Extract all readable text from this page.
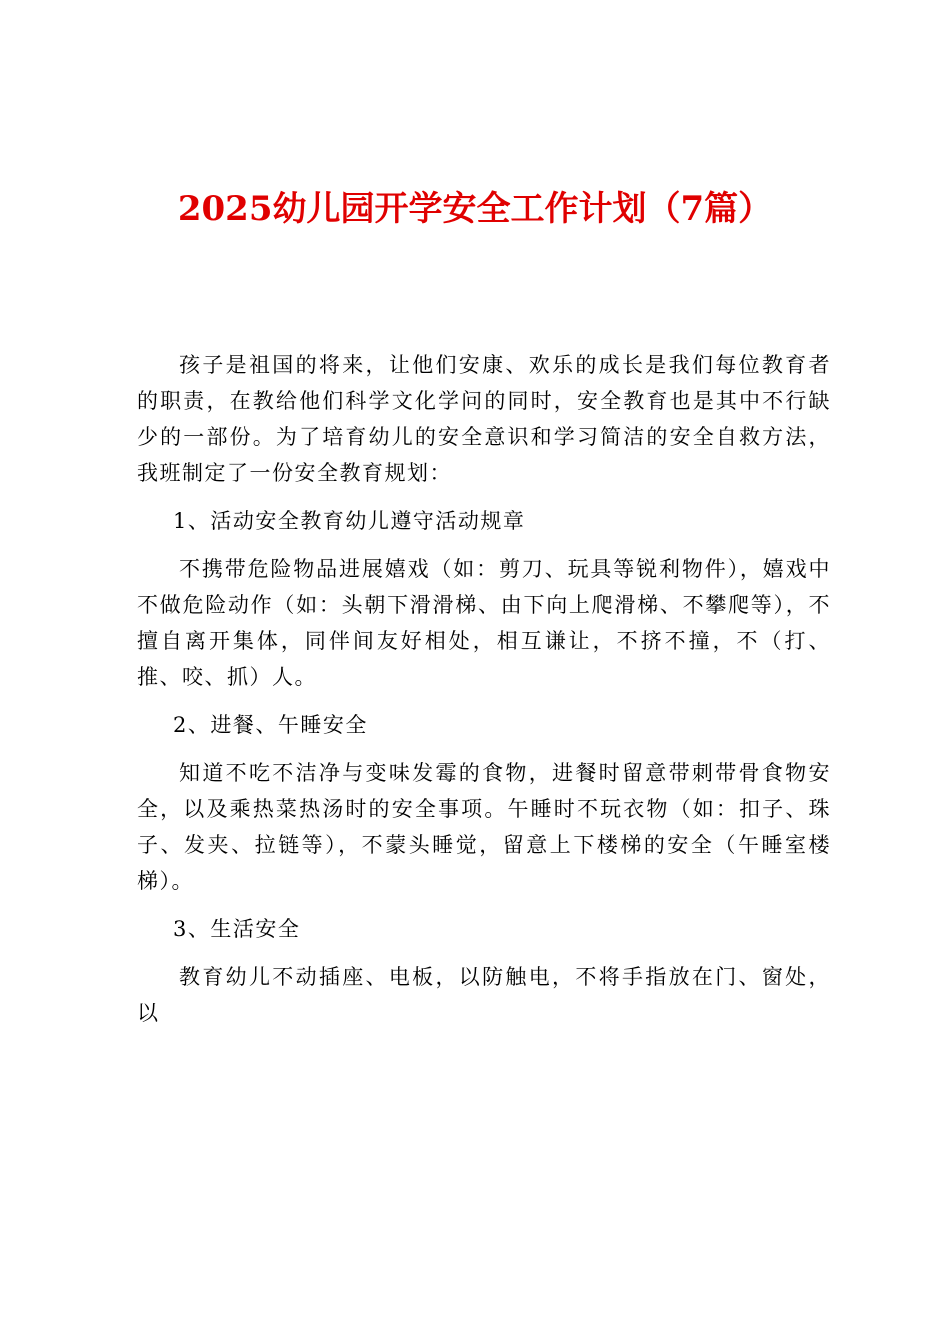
2025幼儿园开学安全工作计划（7篇）

孩子是祖国的将来，让他们安康、欢乐的成长是我们每位教育者的职责，在教给他们科学文化学问的同时，安全教育也是其中不行缺少的一部份。为了培育幼儿的安全意识和学习简洁的安全自救方法，我班制定了一份安全教育规划：

1、活动安全教育幼儿遵守活动规章

不携带危险物品进展嬉戏（如：剪刀、玩具等锐利物件），嬉戏中不做危险动作（如：头朝下滑滑梯、由下向上爬滑梯、不攀爬等），不擅自离开集体，同伴间友好相处，相互谦让，不挤不撞，不（打、推、咬、抓）人。

2、进餐、午睡安全

知道不吃不洁净与变味发霉的食物，进餐时留意带刺带骨食物安全，以及乘热菜热汤时的安全事项。午睡时不玩衣物（如：扣子、珠子、发夹、拉链等），不蒙头睡觉，留意上下楼梯的安全（午睡室楼梯）。

3、生活安全

教育幼儿不动插座、电板，以防触电，不将手指放在门、窗处，以
